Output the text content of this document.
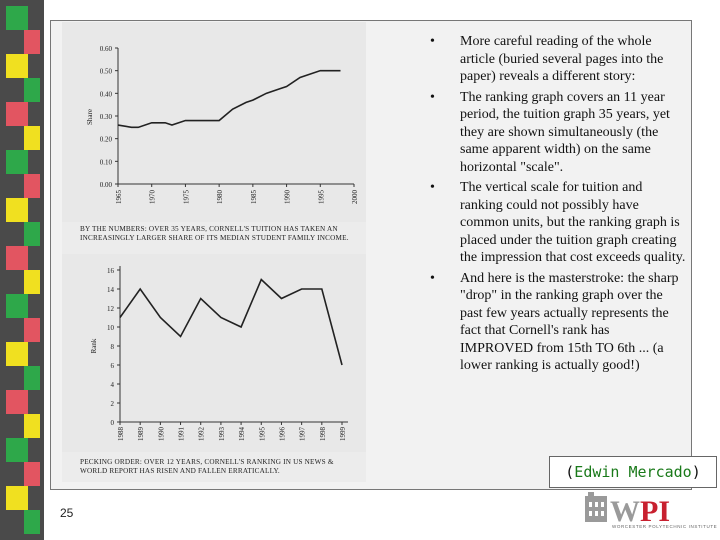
0.60
0.50
0.40
0.30
0.20
0.10
0.00
1965	1970	1975	1980	1985	1990	1995	2000
Share
BY THE NUMBERS: OVER 35 YEARS, CORNELL'S TUITION HAS TAKEN AN INCREASINGLY LARGER SHARE OF ITS MEDIAN STUDENT FAMILY INCOME.
16
14
12
10
8
6
4
2
0
1988 1989 1990 1991 1992 1993 1994 1995 1996 1997 1998 1999
Rank
PECKING ORDER: OVER 12 YEARS, CORNELL'S RANKING IN US NEWS & WORLD REPORT HAS RISEN AND FALLEN ERRATICALLY.
• More careful reading of the whole article (buried several pages into the paper) reveals a different story:
• The ranking graph covers an 11 year period, the tuition graph 35 years, yet they are shown simultaneously (the same apparent width) on the same horizontal "scale".
• The vertical scale for tuition and ranking could not possibly have common units, but the ranking graph is placed under the tuition graph creating the impression that cost exceeds quality.
• And here is the masterstroke: the sharp "drop" in the ranking graph over the past few years actually represents the fact that Cornell's rank has IMPROVED from 15th TO 6th ... (a lower ranking is actually good!)
(Edwin Mercado)
25	WPI
WORCESTER POLYTECHNIC INSTITUTE
